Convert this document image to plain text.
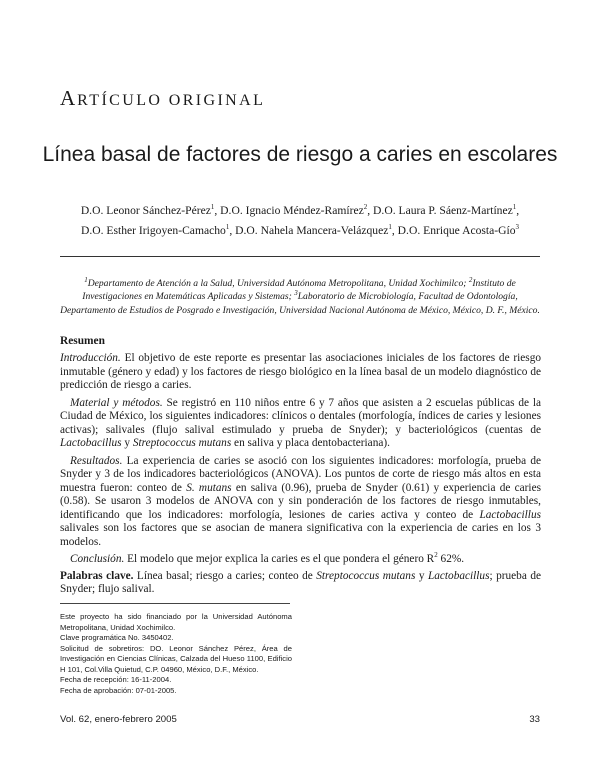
ARTÍCULO ORIGINAL
Línea basal de factores de riesgo a caries en escolares
D.O. Leonor Sánchez-Pérez$^1$, D.O. Ignacio Méndez-Ramírez$^2$, D.O. Laura P. Sáenz-Martínez$^1$,
D.O. Esther Irigoyen-Camacho$^1$, D.O. Nahela Mancera-Velázquez$^1$, D.O. Enrique Acosta-Gío$^3$
$^1$Departamento de Atención a la Salud, Universidad Autónoma Metropolitana, Unidad Xochimilco; $^2$Instituto de Investigaciones en Matemáticas Aplicadas y Sistemas; $^3$Laboratorio de Microbiología, Facultad de Odontología, Departamento de Estudios de Posgrado e Investigación, Universidad Nacional Autónoma de México, México, D. F., México.
Resumen

Introducción. El objetivo de este reporte es presentar las asociaciones iniciales de los factores de riesgo inmutable (género y edad) y los factores de riesgo biológico en la línea basal de un modelo diagnóstico de predicción de riesgo a caries.

Material y métodos. Se registró en 110 niños entre 6 y 7 años que asisten a 2 escuelas públicas de la Ciudad de México, los siguientes indicadores: clínicos o dentales (morfología, índices de caries y lesiones activas); salivales (flujo salival estimulado y prueba de Snyder); y bacteriológicos (cuentas de Lactobacillus y Streptococcus mutans en saliva y placa dentobacteriana).

Resultados. La experiencia de caries se asoció con los siguientes indicadores: morfología, prueba de Snyder y 3 de los indicadores bacteriológicos (ANOVA). Los puntos de corte de riesgo más altos en esta muestra fueron: conteo de S. mutans en saliva (0.96), prueba de Snyder (0.61) y experiencia de caries (0.58). Se usaron 3 modelos de ANOVA con y sin ponderación de los factores de riesgo inmutables, identificando que los indicadores: morfología, lesiones de caries activa y conteo de Lactobacillus salivales son los factores que se asocian de manera significativa con la experiencia de caries en los 3 modelos.

Conclusión. El modelo que mejor explica la caries es el que pondera el género $R^2$ 62%.

Palabras clave. Línea basal; riesgo a caries; conteo de Streptococcus mutans y Lactobacillus; prueba de Snyder; flujo salival.

Este proyecto ha sido financiado por la Universidad Autónoma Metropolitana, Unidad Xochimilco.

Clave programática No. 3450402.

Solicitud de sobretiros: DO. Leonor Sánchez Pérez, Área de Investigación en Ciencias Clínicas, Calzada del Hueso 1100, Edificio H 101, Col.Villa Quietud, C.P. 04960, México, D.F., México.

Fecha de recepción: 16-11-2004.

Fecha de aprobación: 07-01-2005.

Vol. 62, enero-febrero 2005	33
